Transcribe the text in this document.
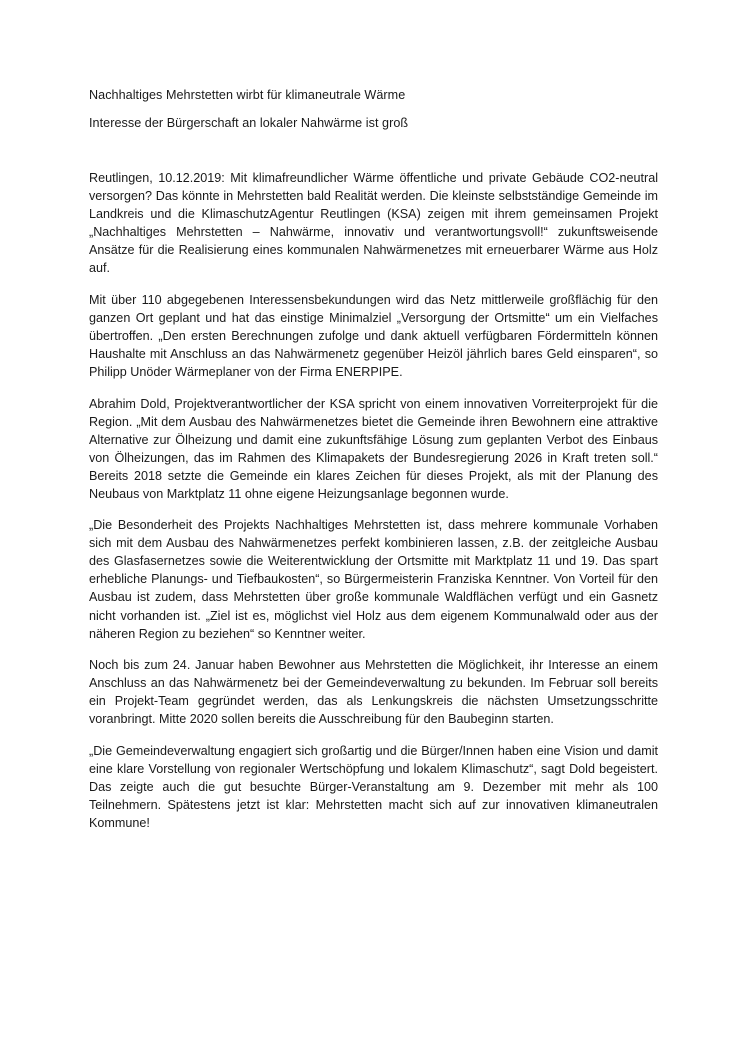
Nachhaltiges Mehrstetten wirbt für klimaneutrale Wärme
Interesse der Bürgerschaft an lokaler Nahwärme ist groß

Reutlingen, 10.12.2019: Mit klimafreundlicher Wärme öffentliche und private Gebäude CO2-neutral versorgen? Das könnte in Mehrstetten bald Realität werden. Die kleinste selbstständige Gemeinde im Landkreis und die KlimaschutzAgentur Reutlingen (KSA) zeigen mit ihrem gemeinsamen Projekt „Nachhaltiges Mehrstetten – Nahwärme, innovativ und verantwortungsvoll!“ zukunftsweisende Ansätze für die Realisierung eines kommunalen Nahwärmenetzes mit erneuerbarer Wärme aus Holz auf.

Mit über 110 abgegebenen Interessensbekundungen wird das Netz mittlerweile großflächig für den ganzen Ort geplant und hat das einstige Minimalziel „Versorgung der Ortsmitte“ um ein Vielfaches übertroffen. „Den ersten Berechnungen zufolge und dank aktuell verfügbaren Fördermitteln können Haushalte mit Anschluss an das Nahwärmenetz gegenüber Heizöl jährlich bares Geld einsparen“, so Philipp Unöder Wärmeplaner von der Firma ENERPIPE.

Abrahim Dold, Projektverantwortlicher der KSA spricht von einem innovativen Vorreiterprojekt für die Region. „Mit dem Ausbau des Nahwärmenetzes bietet die Gemeinde ihren Bewohnern eine attraktive Alternative zur Ölheizung und damit eine zukunftsfähige Lösung zum geplanten Verbot des Einbaus von Ölheizungen, das im Rahmen des Klimapakets der Bundesregierung 2026 in Kraft treten soll.“ Bereits 2018 setzte die Gemeinde ein klares Zeichen für dieses Projekt, als mit der Planung des Neubaus von Marktplatz 11 ohne eigene Heizungsanlage begonnen wurde.

„Die Besonderheit des Projekts Nachhaltiges Mehrstetten ist, dass mehrere kommunale Vorhaben sich mit dem Ausbau des Nahwärmenetzes perfekt kombinieren lassen, z.B. der zeitgleiche Ausbau des Glasfasernetzes sowie die Weiterentwicklung der Ortsmitte mit Marktplatz 11 und 19. Das spart erhebliche Planungs- und Tiefbaukosten“, so Bürgermeisterin Franziska Kenntner. Von Vorteil für den Ausbau ist zudem, dass Mehrstetten über große kommunale Waldflächen verfügt und ein Gasnetz nicht vorhanden ist. „Ziel ist es, möglichst viel Holz aus dem eigenem Kommunalwald oder aus der näheren Region zu beziehen“ so Kenntner weiter.

Noch bis zum 24. Januar haben Bewohner aus Mehrstetten die Möglichkeit, ihr Interesse an einem Anschluss an das Nahwärmenetz bei der Gemeindeverwaltung zu bekunden. Im Februar soll bereits ein Projekt-Team gegründet werden, das als Lenkungskreis die nächsten Umsetzungsschritte voranbringt. Mitte 2020 sollen bereits die Ausschreibung für den Baubeginn starten.

„Die Gemeindeverwaltung engagiert sich großartig und die Bürger/Innen haben eine Vision und damit eine klare Vorstellung von regionaler Wertschöpfung und lokalem Klimaschutz“, sagt Dold begeistert. Das zeigte auch die gut besuchte Bürger-Veranstaltung am 9. Dezember mit mehr als 100 Teilnehmern. Spätestens jetzt ist klar: Mehrstetten macht sich auf zur innovativen klimaneutralen Kommune!
